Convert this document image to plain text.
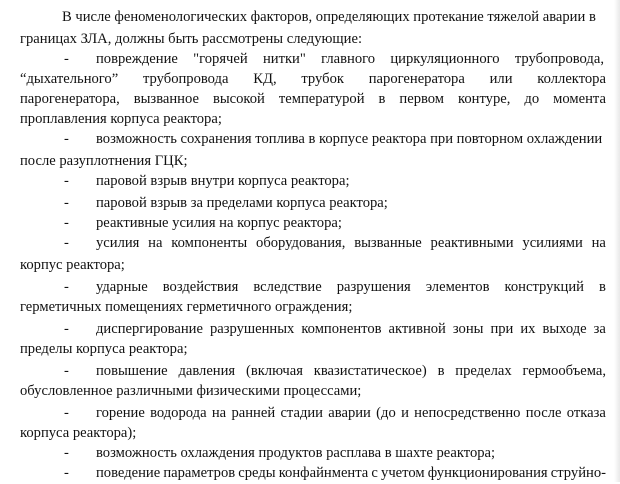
В числе феноменологических факторов, определяющих протекание тяжелой аварии в
границах ЗЛА, должны быть рассмотрены следующие:
- повреждение "горячей нитки" главного циркуляционного трубопровода,
“дыхательного” трубопровода КД, трубок парогенератора или коллектора
парогенератора, вызванное высокой температурой в первом контуре, до момента
проплавления корпуса реактора;
- возможность сохранения топлива в корпусе реактора при повторном охлаждении
после разуплотнения ГЦК;
- паровой взрыв внутри корпуса реактора;
- паровой взрыв за пределами корпуса реактора;
- реактивные усилия на корпус реактора;
- усилия на компоненты оборудования, вызванные реактивными усилиями на
корпус реактора;
- ударные воздействия вследствие разрушения элементов конструкций в
герметичных помещениях герметичного ограждения;
- диспергирование разрушенных компонентов активной зоны при их выходе за
пределы корпуса реактора;
- повышение давления (включая квазистатическое) в пределах гермообъема,
обусловленное различными физическими процессами;
- горение водорода на ранней стадии аварии (до и непосредственно после отказа
корпуса реактора);
- возможность охлаждения продуктов расплава в шахте реактора;
- поведение параметров среды конфайнмента с учетом функционирования струйно-
